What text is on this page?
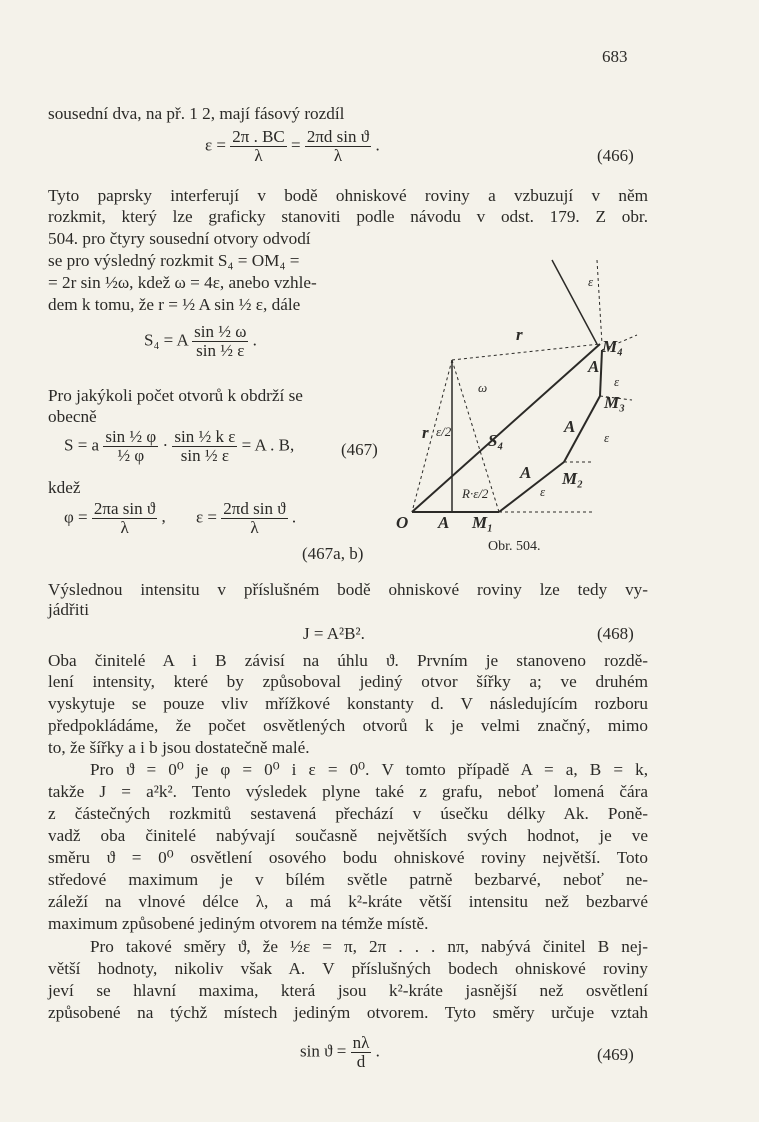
683
sousední dva, na př. 1 2, mají fásový rozdíl
$\varepsilon = \frac{2\pi . BC}{\lambda} = \frac{\text{2πd sin ϑ}}{\lambda}$ .
(466)
Tyto paprsky interferují v bodě ohniskové roviny a vzbuzují v něm
rozkmit, který lze graficky stanoviti podle návodu v odst. 179. Z obr.
504. pro čtyry sousední otvory odvodí
se pro výsledný rozkmit S₄ = OM₄ =
= 2r sin ½ω, kdež ω = 4ε, anebo vzhle-
dem k tomu, že r = ½ A sin ½ ε, dále
S₄ = A $\frac{\text{sin ½ ω}}{\text{sin ½ ε}}$ .
Pro jakýkoli počet otvorů k obdrží se
obecně
S = a $\frac{\text{sin ½ φ}}{\text{½ φ}} \cdot \frac{\text{sin ½ k ε}}{\text{sin ½ ε}} = A$ . B,	(467)
kdež
$\varphi = \frac{\text{2πa sin ϑ}}{\lambda}$ , $\varepsilon = \frac{\text{2πd sin ϑ}}{\lambda}$ .
(467a, b)
O A M₁
A M₂
A
M₃
A
M₄
S₄
r
r
ω
ε
ε
ε
ε
ε/2
R·ε/2
Obr. 504.
Výslednou intensitu v příslušném bodě ohniskové roviny lze tedy vy-
jádřiti
J = A²B².	(468)
Oba činitelé A i B závisí na úhlu ϑ. Prvním je stanoveno rozdě-
lení intensity, které by způsoboval jediný otvor šířky a; ve druhém
vyskytuje se pouze vliv mřížkové konstanty d. V následujícím rozboru
předpokládáme, že počet osvětlených otvorů k je velmi značný, mimo
to, že šířky a i b jsou dostatečně malé.
Pro ϑ = 0⁰ je φ = 0⁰ i ε = 0⁰. V tomto případě A = a, B = k,
takže J = a²k². Tento výsledek plyne také z grafu, neboť lomená čára
z částečných rozkmitů sestavená přechází v úsečku délky Ak. Poně-
vadž oba činitelé nabývají současně největších svých hodnot, je ve
směru ϑ = 0⁰ osvětlení osového bodu ohniskové roviny největší. Toto
středové maximum je v bílém světle patrně bezbarvé, neboť ne-
záleží na vlnové délce λ, a má k²-kráte větší intensitu než bezbarvé
maximum způsobené jediným otvorem na témže místě.
Pro takové směry ϑ, že ½ε = π, 2π . . . nπ, nabývá činitel B nej-
větší hodnoty, nikoliv však A. V příslušných bodech ohniskové roviny
jeví se hlavní maxima, která jsou k²-kráte jasnější než osvětlení
způsobené na týchž místech jediným otvorem. Tyto směry určuje vztah
$\sin ϑ = \frac{n\lambda}{d}$ .	(469)
